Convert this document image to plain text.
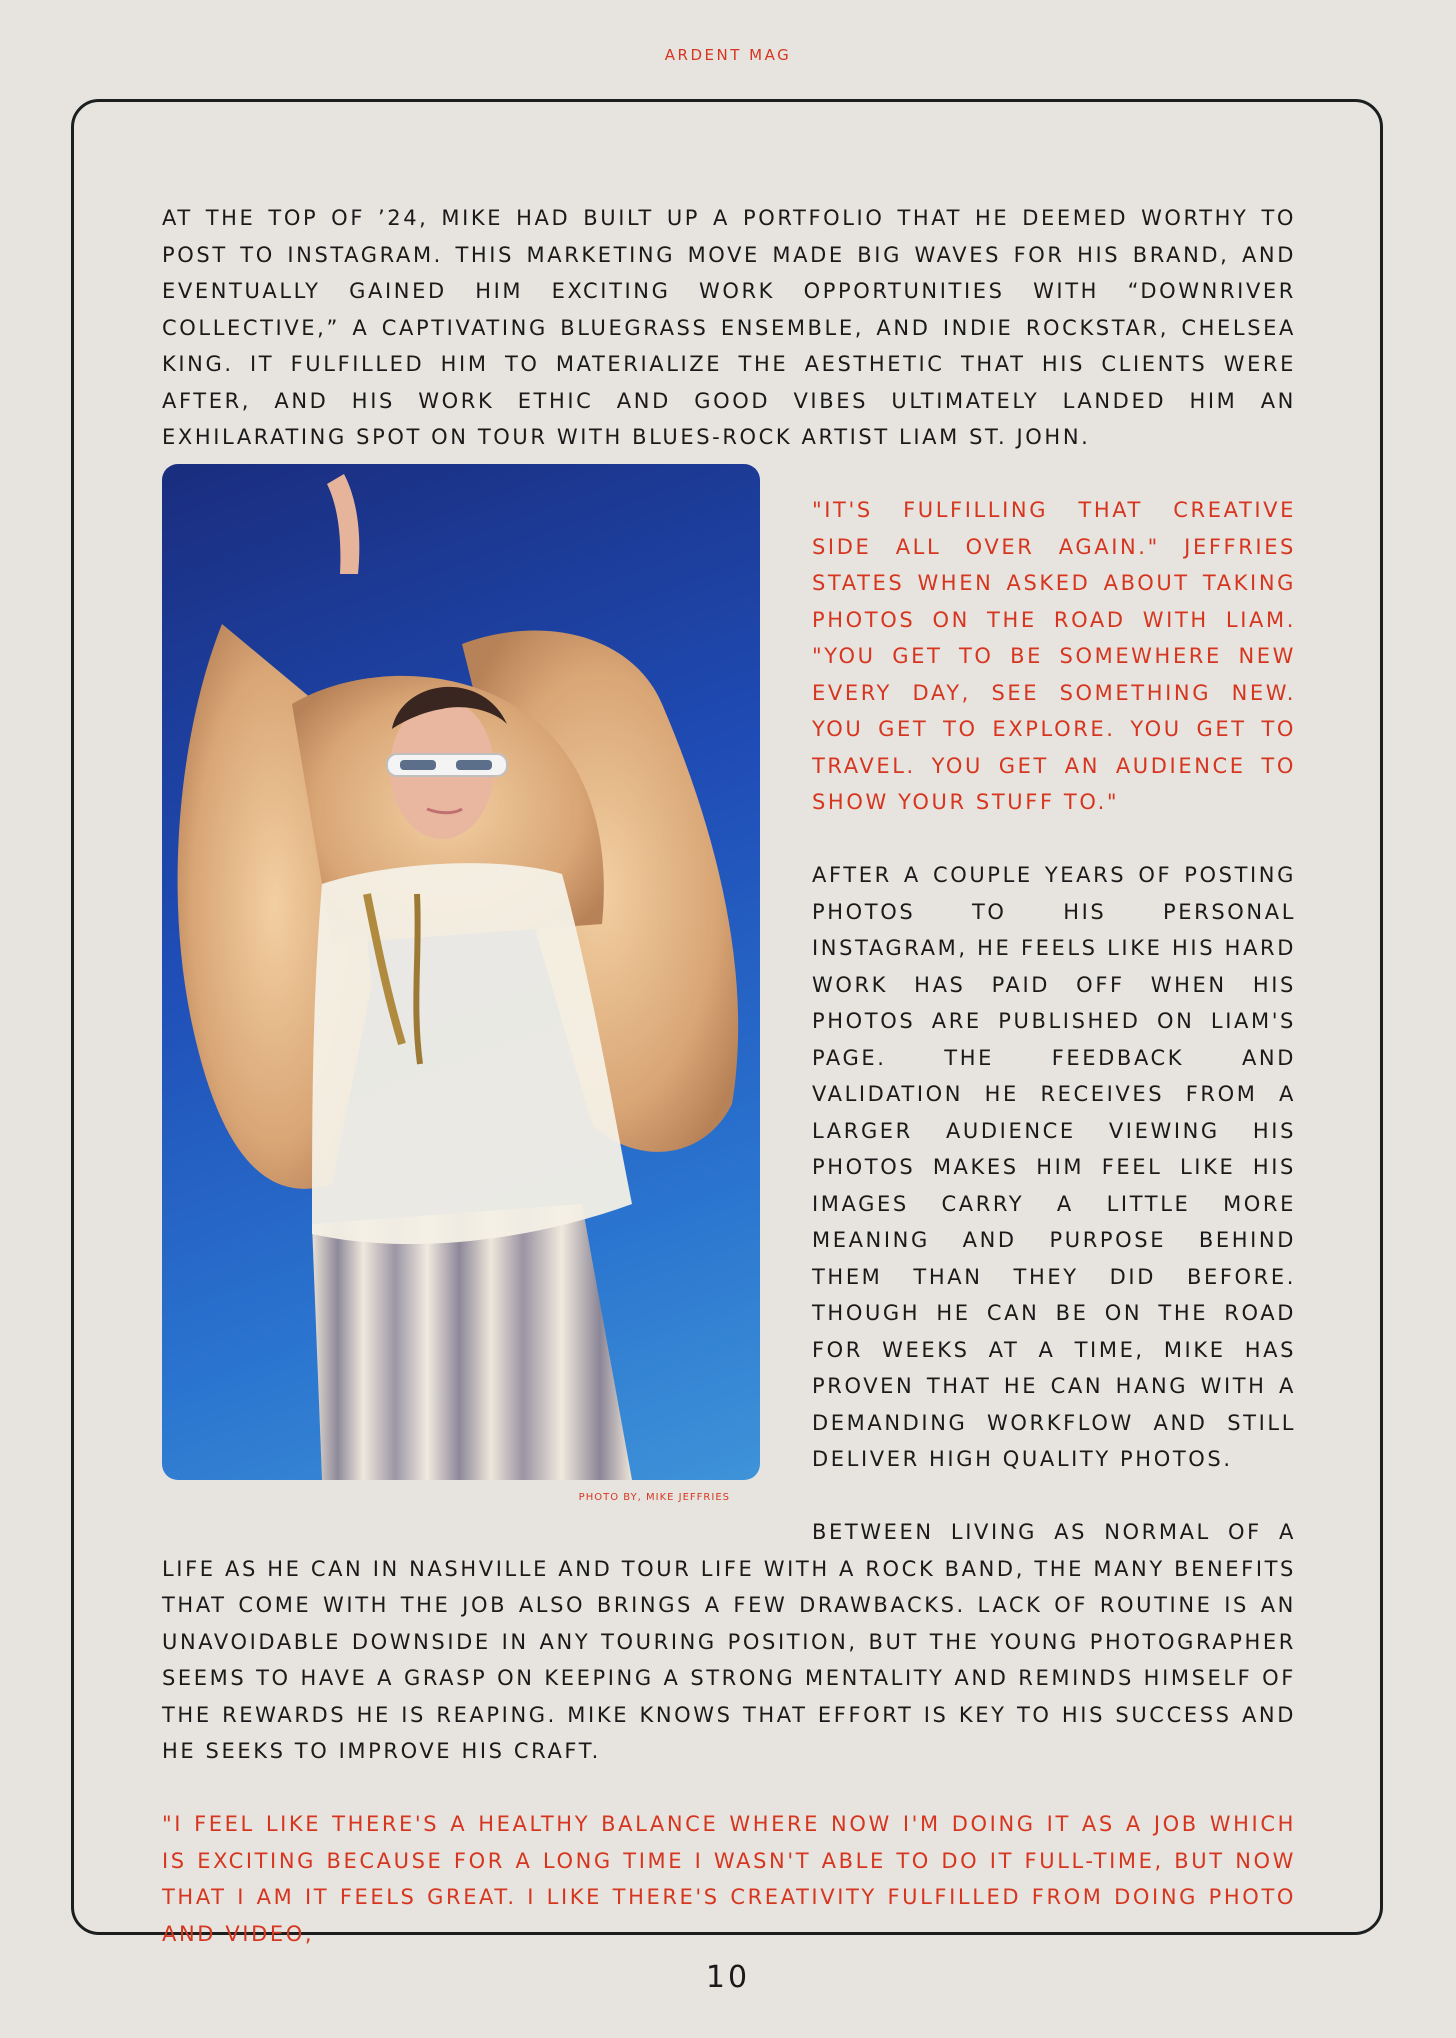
ARDENT MAG

AT THE TOP OF ’24, MIKE HAD BUILT UP A PORTFOLIO THAT HE DEEMED WORTHY TO POST TO INSTAGRAM. THIS MARKETING MOVE MADE BIG WAVES FOR HIS BRAND, AND EVENTUALLY GAINED HIM EXCITING WORK OPPORTUNITIES WITH “DOWNRIVER COLLECTIVE,” A CAPTIVATING BLUEGRASS ENSEMBLE, AND INDIE ROCKSTAR, CHELSEA KING. IT FULFILLED HIM TO MATERIALIZE THE AESTHETIC THAT HIS CLIENTS WERE AFTER, AND HIS WORK ETHIC AND GOOD VIBES ULTIMATELY LANDED HIM AN EXHILARATING SPOT ON TOUR WITH BLUES-ROCK ARTIST LIAM ST. JOHN.

PHOTO BY, MIKE JEFFRIES

"IT'S FULFILLING THAT CREATIVE SIDE ALL OVER AGAIN." JEFFRIES STATES WHEN ASKED ABOUT TAKING PHOTOS ON THE ROAD WITH LIAM. "YOU GET TO BE SOMEWHERE NEW EVERY DAY, SEE SOMETHING NEW. YOU GET TO EXPLORE. YOU GET TO TRAVEL. YOU GET AN AUDIENCE TO SHOW YOUR STUFF TO."

AFTER A COUPLE YEARS OF POSTING PHOTOS TO HIS PERSONAL INSTAGRAM, HE FEELS LIKE HIS HARD WORK HAS PAID OFF WHEN HIS PHOTOS ARE PUBLISHED ON LIAM'S PAGE. THE FEEDBACK AND VALIDATION HE RECEIVES FROM A LARGER AUDIENCE VIEWING HIS PHOTOS MAKES HIM FEEL LIKE HIS IMAGES CARRY A LITTLE MORE MEANING AND PURPOSE BEHIND THEM THAN THEY DID BEFORE. THOUGH HE CAN BE ON THE ROAD FOR WEEKS AT A TIME, MIKE HAS PROVEN THAT HE CAN HANG WITH A DEMANDING WORKFLOW AND STILL DELIVER HIGH QUALITY PHOTOS.

BETWEEN LIVING AS NORMAL OF A LIFE AS HE CAN IN NASHVILLE AND TOUR LIFE WITH A ROCK BAND, THE MANY BENEFITS THAT COME WITH THE JOB ALSO BRINGS A FEW DRAWBACKS. LACK OF ROUTINE IS AN UNAVOIDABLE DOWNSIDE IN ANY TOURING POSITION, BUT THE YOUNG PHOTOGRAPHER SEEMS TO HAVE A GRASP ON KEEPING A STRONG MENTALITY AND REMINDS HIMSELF OF THE REWARDS HE IS REAPING. MIKE KNOWS THAT EFFORT IS KEY TO HIS SUCCESS AND HE SEEKS TO IMPROVE HIS CRAFT.

"I FEEL LIKE THERE'S A HEALTHY BALANCE WHERE NOW I'M DOING IT AS A JOB WHICH IS EXCITING BECAUSE FOR A LONG TIME I WASN'T ABLE TO DO IT FULL-TIME, BUT NOW THAT I AM IT FEELS GREAT. I LIKE THERE'S CREATIVITY FULFILLED FROM DOING PHOTO AND VIDEO,

10
